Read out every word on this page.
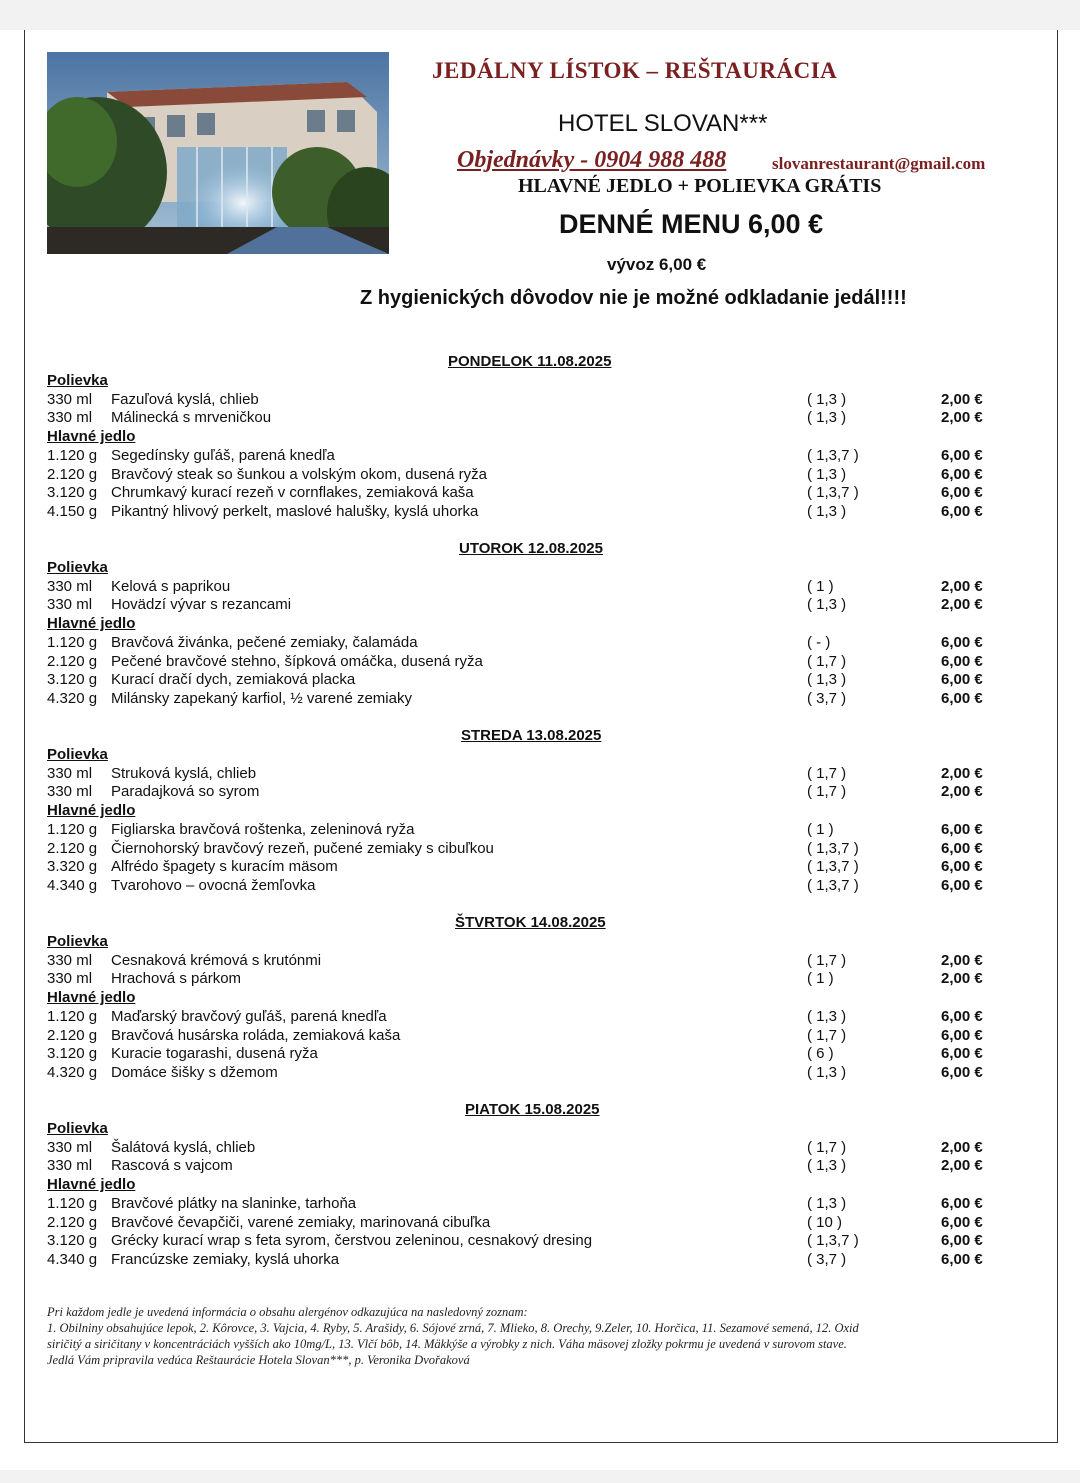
JEDÁLNY LÍSTOK – REŠTAURÁCIA
HOTEL SLOVAN***
Objednávky - 0904 988 488	slovanrestaurant@gmail.com
HLAVNÉ JEDLO + POLIEVKA GRÁTIS
DENNÉ MENU 6,00 €
vývoz 6,00 €
Z hygienických dôvodov nie je možné odkladanie jedál!!!!
PONDELOK 11.08.2025
Polievka
330 ml Fazuľová kyslá, chlieb	( 1,3 )	2,00 €
330 ml Málinecká s mrveničkou	( 1,3 )	2,00 €
Hlavné jedlo
1.120 g Segedínsky guľáš, parená knedľa	( 1,3,7 )	6,00 €
2.120 g Bravčový steak so šunkou a volským okom, dusená ryža	( 1,3 )	6,00 €
3.120 g Chrumkavý kurací rezeň v cornflakes, zemiaková kaša	( 1,3,7 )	6,00 €
4.150 g Pikantný hlivový perkelt, maslové halušky, kyslá uhorka	( 1,3 )	6,00 €
UTOROK 12.08.2025
Polievka
330 ml Kelová s paprikou	( 1 )	2,00 €
330 ml Hovädzí vývar s rezancami	( 1,3 )	2,00 €
Hlavné jedlo
1.120 g Bravčová živánka, pečené zemiaky, čalamáda	( - )	6,00 €
2.120 g Pečené bravčové stehno, šípková omáčka, dusená ryža	( 1,7 )	6,00 €
3.120 g Kurací dračí dych, zemiaková placka	( 1,3 )	6,00 €
4.320 g Milánsky zapekaný karfiol, ½ varené zemiaky	( 3,7 )	6,00 €
STREDA 13.08.2025
Polievka
330 ml Struková kyslá, chlieb	( 1,7 )	2,00 €
330 ml Paradajková so syrom	( 1,7 )	2,00 €
Hlavné jedlo
1.120 g Figliarska bravčová roštenka, zeleninová ryža	( 1 )	6,00 €
2.120 g Čiernohorský bravčový rezeň, pučené zemiaky s cibuľkou	( 1,3,7 )	6,00 €
3.320 g Alfrédo špagety s kuracím mäsom	( 1,3,7 )	6,00 €
4.340 g Tvarohovo – ovocná žemľovka	( 1,3,7 )	6,00 €
ŠTVRTOK 14.08.2025
Polievka
330 ml Cesnaková krémová s krutónmi	( 1,7 )	2,00 €
330 ml Hrachová s párkom	( 1 )	2,00 €
Hlavné jedlo
1.120 g Maďarský bravčový guľáš, parená knedľa	( 1,3 )	6,00 €
2.120 g Bravčová husárska roláda, zemiaková kaša	( 1,7 )	6,00 €
3.120 g Kuracie togarashi, dusená ryža	( 6 )	6,00 €
4.320 g Domáce šišky s džemom	( 1,3 )	6,00 €
PIATOK 15.08.2025
Polievka
330 ml Šalátová kyslá, chlieb	( 1,7 )	2,00 €
330 ml Rascová s vajcom	( 1,3 )	2,00 €
Hlavné jedlo
1.120 g Bravčové plátky na slaninke, tarhoňa	( 1,3 )	6,00 €
2.120 g Bravčové čevapčiči, varené zemiaky, marinovaná cibuľka	( 10 )	6,00 €
3.120 g Grécky kurací wrap s feta syrom, čerstvou zeleninou, cesnakový dresing	( 1,3,7 )	6,00 €
4.340 g Francúzske zemiaky, kyslá uhorka	( 3,7 )	6,00 €
Pri každom jedle je uvedená informácia o obsahu alergénov odkazujúca na nasledovný zoznam:
1. Obilniny obsahujúce lepok, 2. Kôrovce, 3. Vajcia, 4. Ryby, 5. Arašidy, 6. Sójové zrná, 7. Mlieko, 8. Orechy, 9.Zeler, 10. Horčica, 11. Sezamové semená, 12. Oxid
siričitý a siričitany v koncentráciách vyšších ako 10mg/L, 13. Vlčí bôb, 14. Mäkkýše a výrobky z nich. Váha mäsovej zložky pokrmu je uvedená v surovom stave.
Jedlá Vám pripravila vedúca Reštaurácie Hotela Slovan***, p. Veronika Dvořaková
